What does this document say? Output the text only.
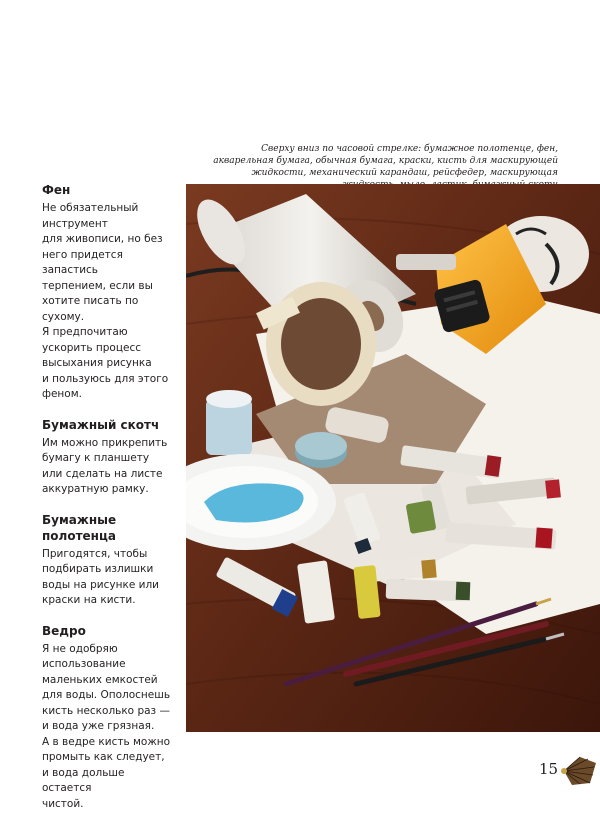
Сверху вниз по часовой стрелке: бумажное полотенце, фен, акварельная бумага, обычная бумага, краски, кисть для маскирующей жидкости, механический карандаш, рейсфедер, маскирующая

Фен

Не обязательный
инструмент
для живописи, но без
него придется запастись
терпением, если вы
хотите писать по сухому.
Я предпочитаю
ускорить процесс
высыхания рисунка
и пользуюсь для этого
феном.

Бумажный скотч

Им можно прикрепить
бумагу к планшету
или сделать на листе
аккуратную рамку.

Бумажные
полотенца

Пригодятся, чтобы
подбирать излишки
воды на рисунке или
краски на кисти.

Ведро

Я не одобряю
использование
маленьких емкостей
для воды. Ополоснешь
кисть несколько раз —
и вода уже грязная.
А в ведре кисть можно
промыть как следует,
и вода дольше остается
чистой.

15
